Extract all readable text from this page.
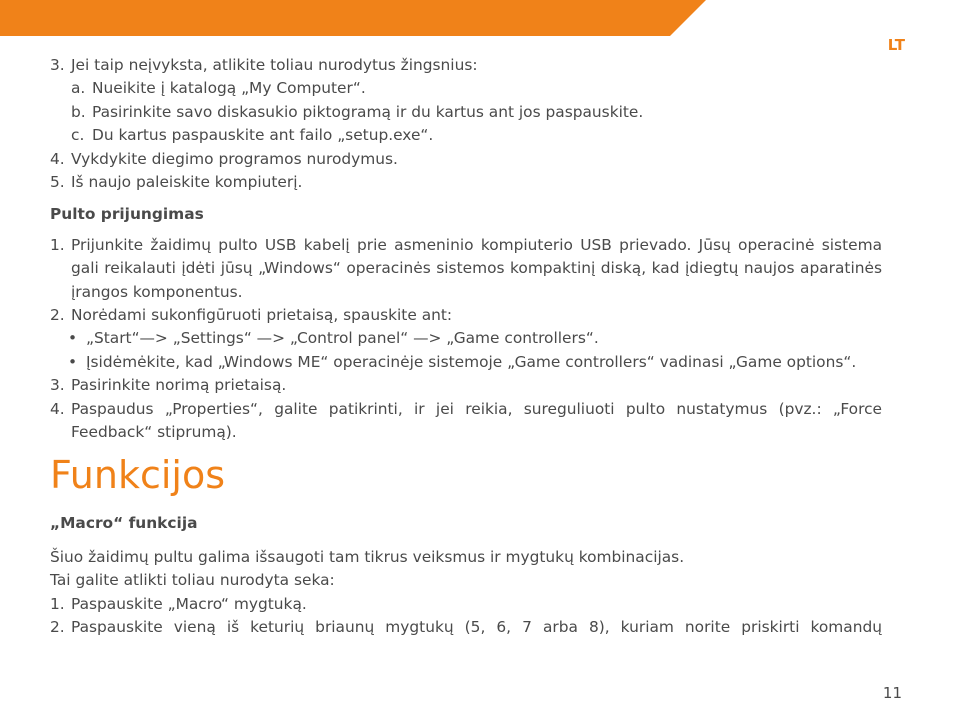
LT
3. Jei taip neįvyksta, atlikite toliau nurodytus žingsnius:
a. Nueikite į katalogą „My Computer“.
b. Pasirinkite savo diskasukio piktogramą ir du kartus ant jos paspauskite.
c. Du kartus paspauskite ant failo „setup.exe“.
4. Vykdykite diegimo programos nurodymus.
5. Iš naujo paleiskite kompiuterį.
Pulto prijungimas
1. Prijunkite žaidimų pulto USB kabelį prie asmeninio kompiuterio USB prievado. Jūsų operacinė sistema gali reikalauti įdėti jūsų „Windows“ operacinės sistemos kompaktinį diską, kad įdiegtų naujos aparatinės įrangos komponentus.
2. Norėdami sukonfigūruoti prietaisą, spauskite ant:
• „Start“—> „Settings“ —> „Control panel“ —> „Game controllers“.
• Įsidėmėkite, kad „Windows ME“ operacinėje sistemoje „Game controllers“ vadinasi „Game options“.
3. Pasirinkite norimą prietaisą.
4. Paspaudus „Properties“, galite patikrinti, ir jei reikia, sureguliuoti pulto nustatymus (pvz.: „Force Feedback“ stiprumą).
Funkcijos
„Macro“ funkcija
Šiuo žaidimų pultu galima išsaugoti tam tikrus veiksmus ir mygtukų kombinacijas.
Tai galite atlikti toliau nurodyta seka:
1. Paspauskite „Macro“ mygtuką.
2. Paspauskite vieną iš keturių briaunų mygtukų (5, 6, 7 arba 8), kuriam norite priskirti komandų
11
